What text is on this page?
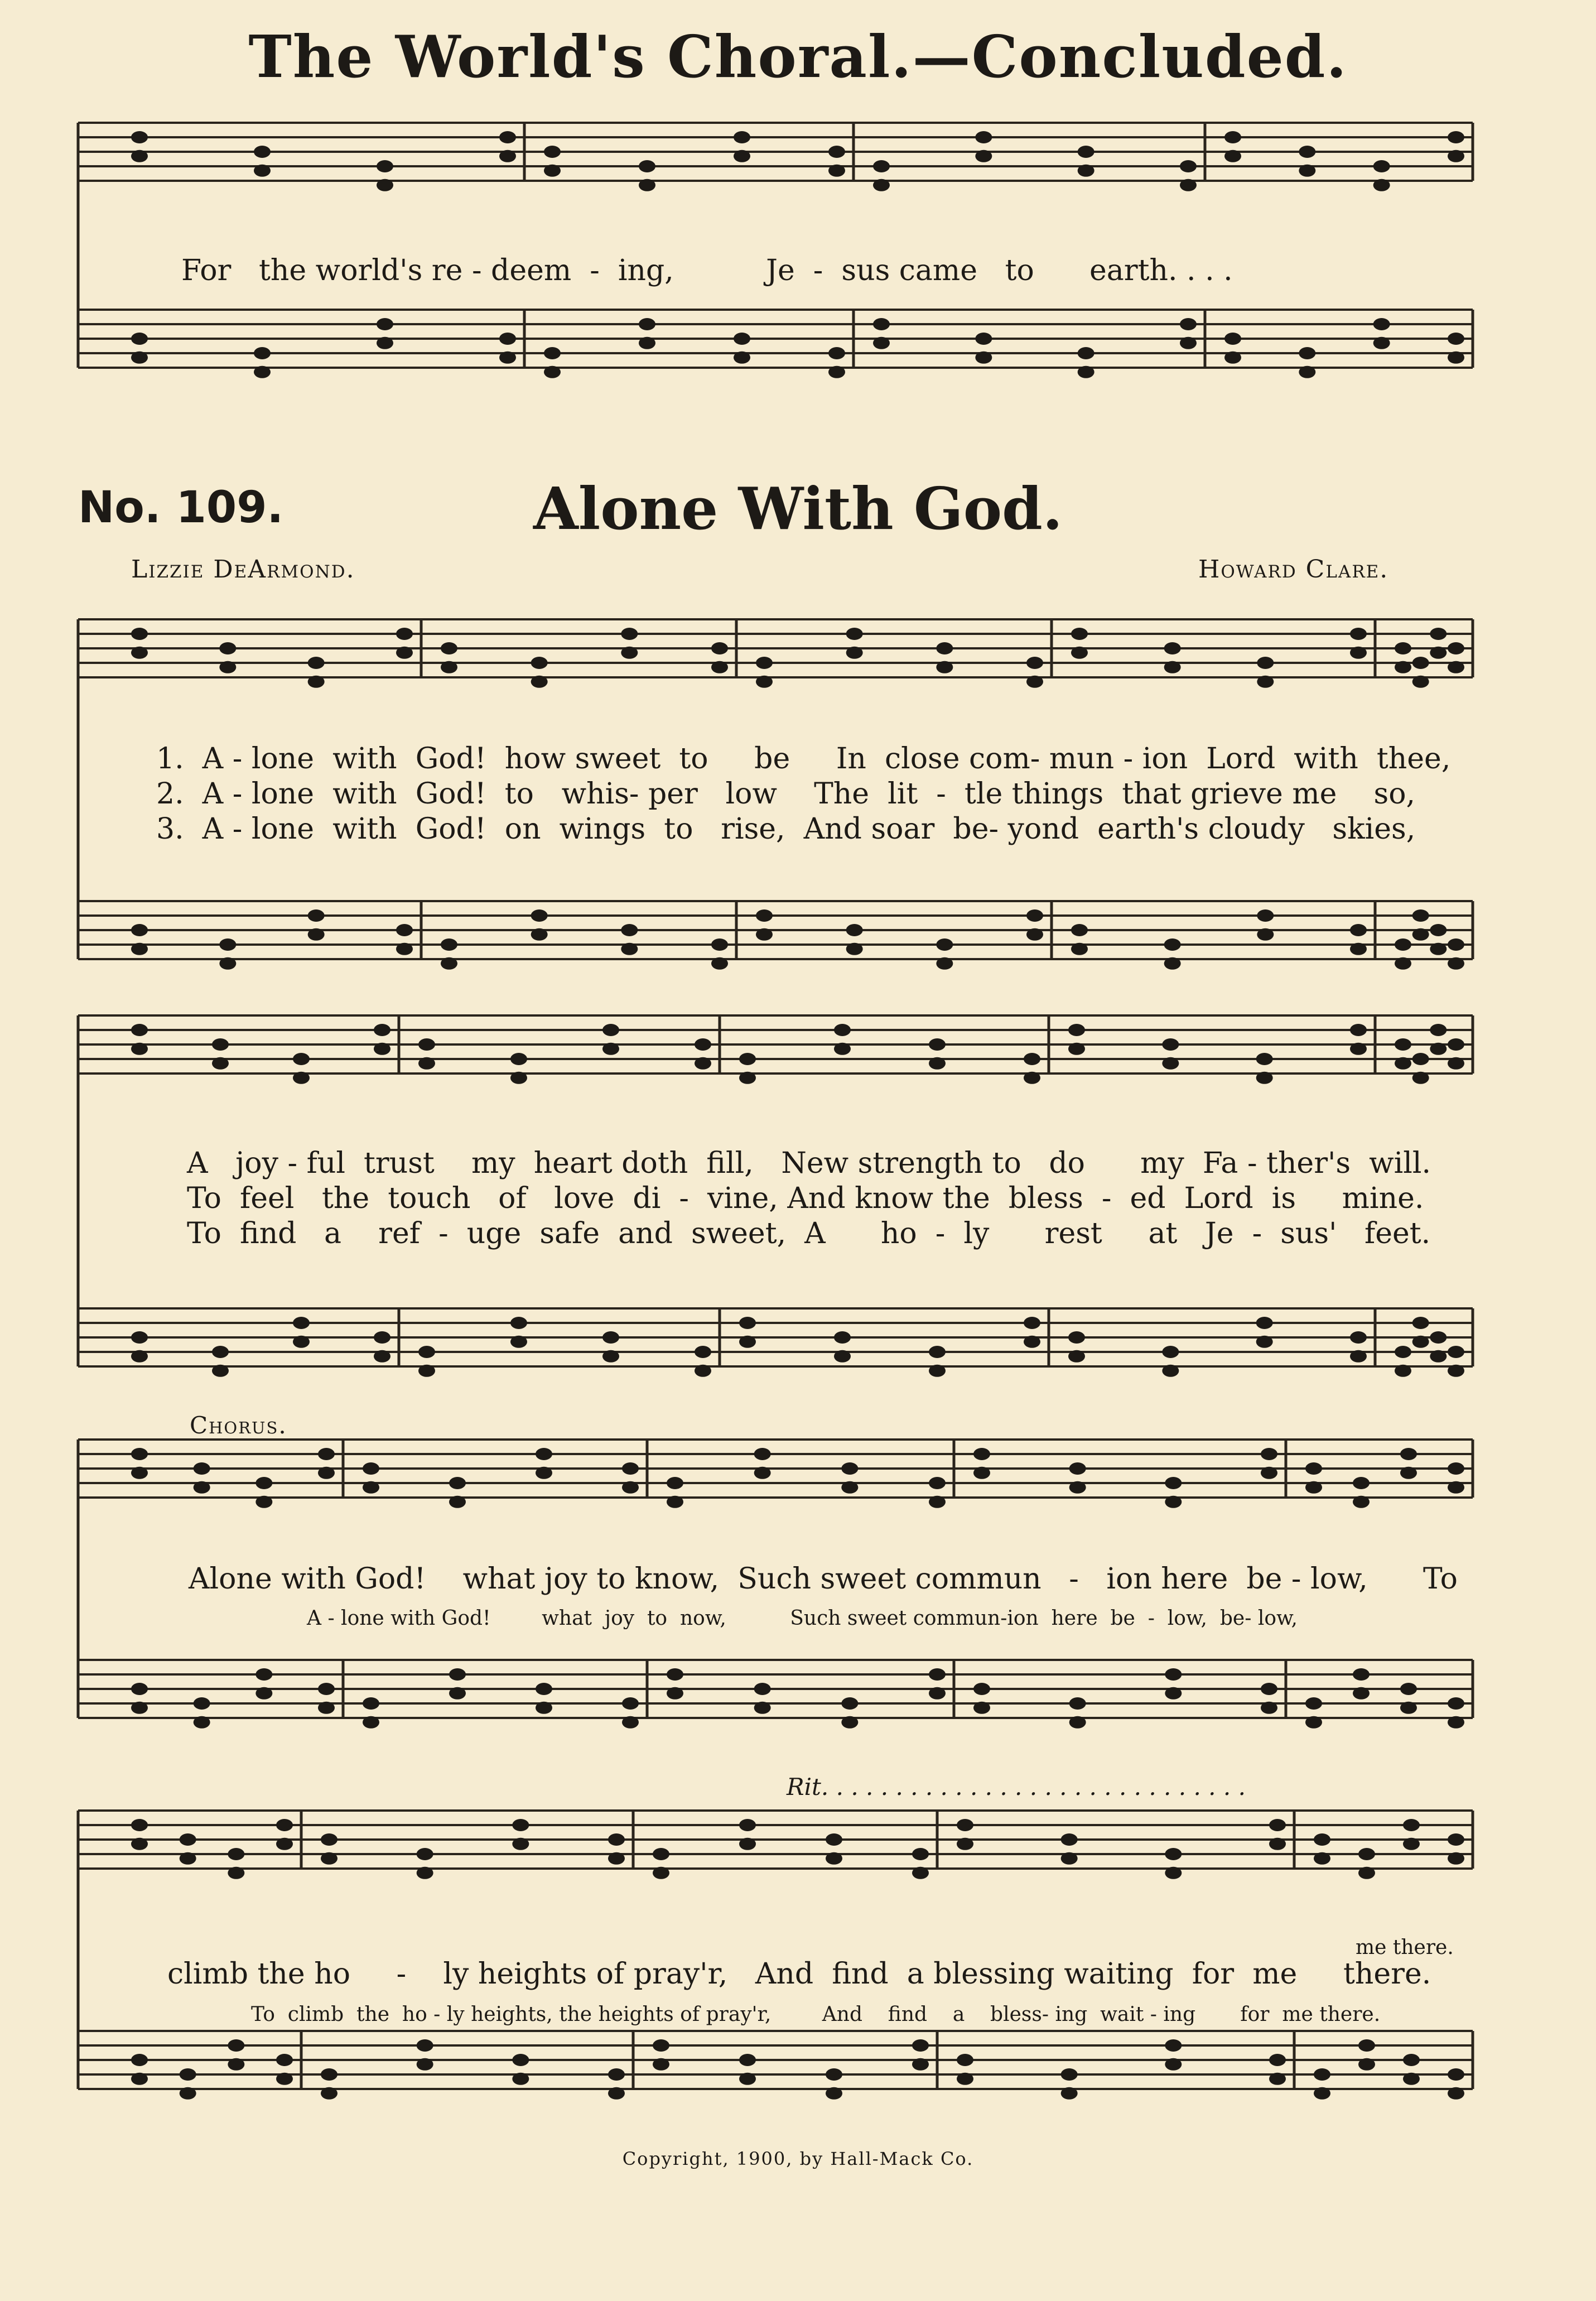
The World's Choral.—Concluded.
No. 109.	Alone With God.
Lizzie DeArmond.	Howard Clare.
For   the world's re - deem  -  ing,          Je  -  sus came   to      earth. . . .
1.  A - lone  with  God!  how sweet  to     be     In  close com- mun - ion  Lord  with  thee,
2.  A - lone  with  God!  to   whis- per   low    The  lit  -  tle things  that grieve me    so,
3.  A - lone  with  God!  on  wings  to   rise,  And soar  be- yond  earth's cloudy   skies,
A   joy - ful  trust    my  heart doth  fill,   New strength to   do      my  Fa - ther's  will.
To  feel   the  touch   of   love  di  -  vine, And know the  bless  -  ed  Lord  is     mine.
To  find   a    ref  -  uge  safe  and  sweet,  A      ho  -  ly      rest     at   Je  -  sus'   feet.
Chorus.
Alone with God!    what joy to know,  Such sweet commun   -   ion here  be - low,      To
A - lone with God!        what  joy  to  now,          Such sweet commun-ion  here  be  -  low,  be- low,
Rit. . . . . . . . . . . . . . . . . . . . . . . . . . . . .
me there.
climb the ho     -    ly heights of pray'r,   And  find  a blessing waiting  for  me     there.
To  climb  the  ho - ly heights, the heights of pray'r,        And    find    a    bless- ing  wait - ing       for  me there.
Copyright, 1900, by Hall-Mack Co.
